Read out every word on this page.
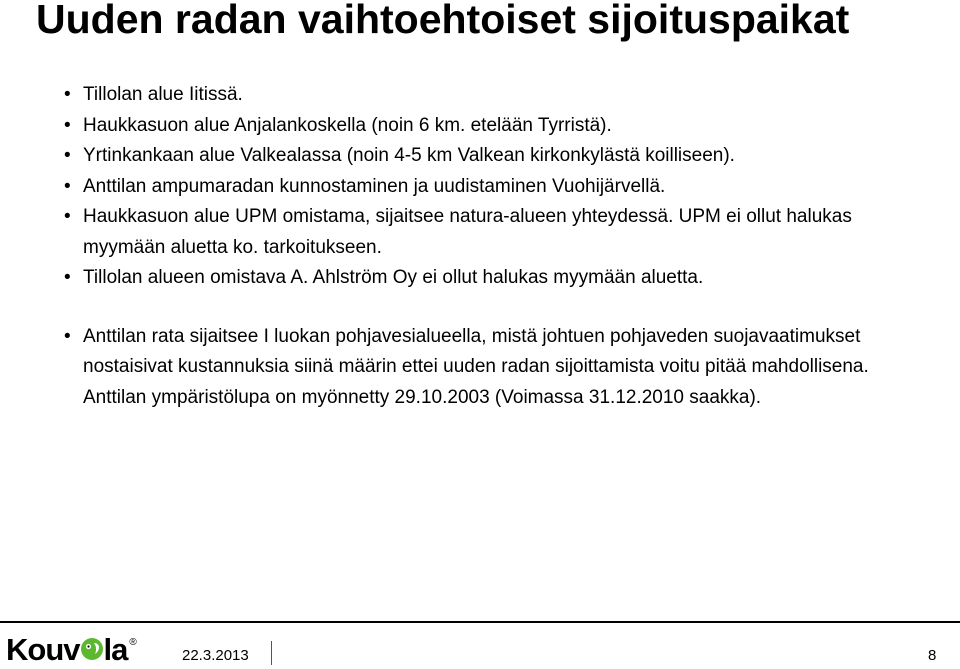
Uuden radan vaihtoehtoiset sijoituspaikat
• Tillolan alue Iitissä.
• Haukkasuon alue Anjalankoskella (noin 6 km. etelään Tyrristä).
• Yrtinkankaan alue Valkealassa (noin 4-5 km Valkean kirkonkylästä koilliseen).
• Anttilan ampumaradan kunnostaminen ja uudistaminen Vuohijärvellä.
• Haukkasuon alue UPM omistama, sijaitsee natura-alueen yhteydessä. UPM ei ollut halukas myymään aluetta ko. tarkoitukseen.
• Tillolan alueen omistava A. Ahlström Oy ei ollut halukas myymään aluetta.
• Anttilan rata sijaitsee I luokan pohjavesialueella, mistä johtuen pohjaveden suojavaatimukset nostaisivat kustannuksia siinä määrin ettei uuden radan sijoittamista voitu pitää mahdollisena. Anttilan ympäristölupa on myönnetty 29.10.2003 (Voimassa 31.12.2010 saakka).
Kouv la ®
22.3.2013	8
